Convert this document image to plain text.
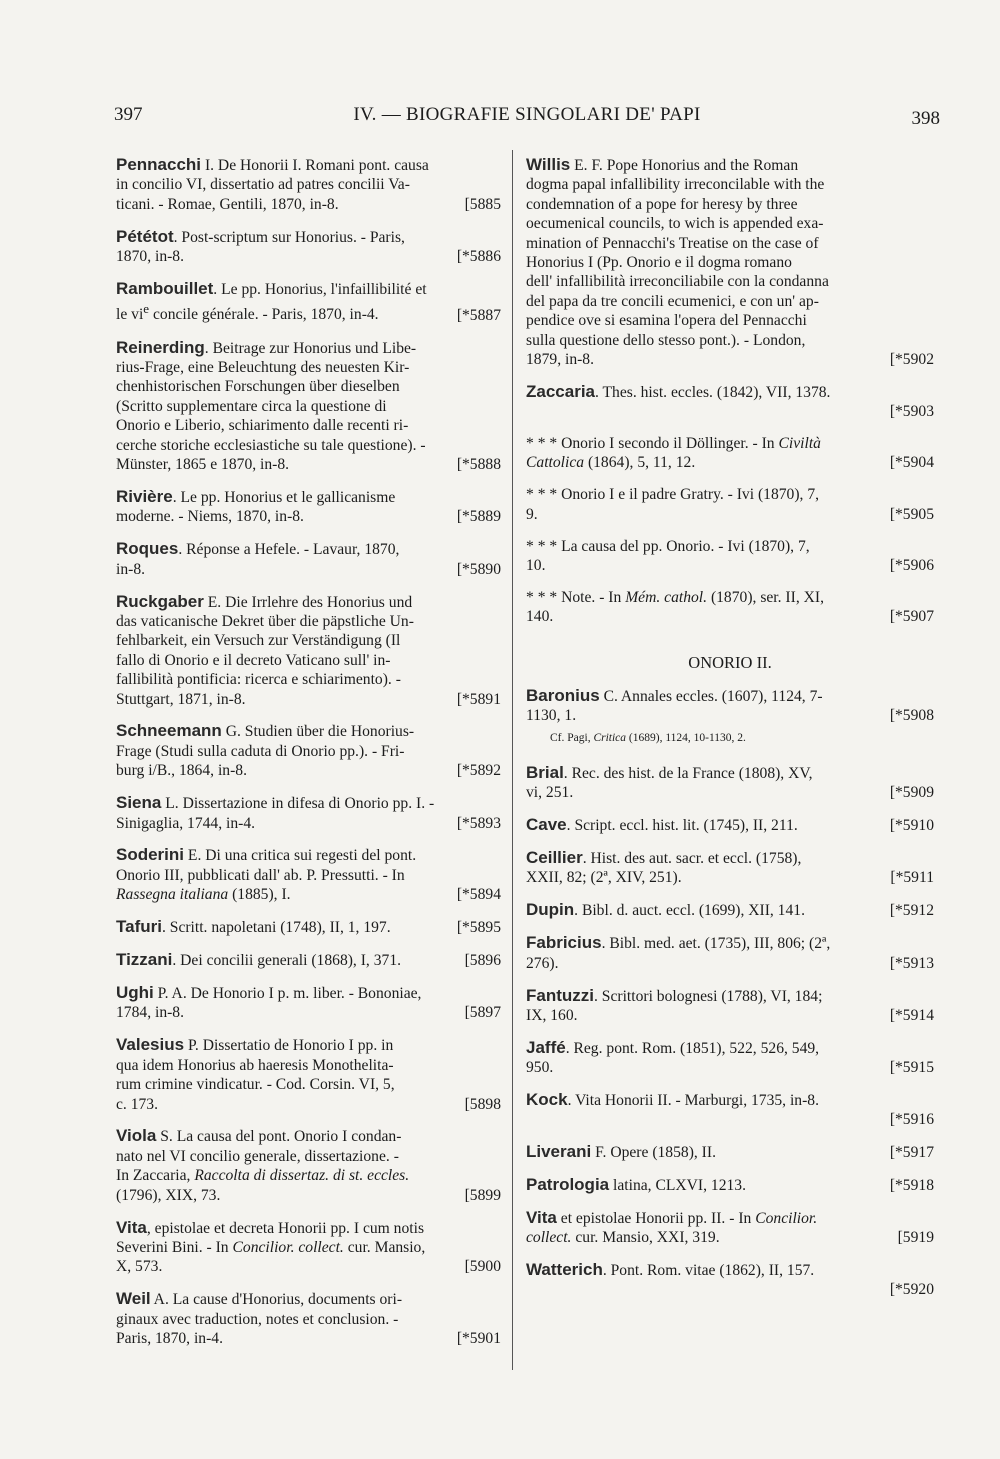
397	IV. — BIOGRAFIE SINGOLARI DE' PAPI	398
Pennacchi I. De Honorii I. Romani pont. causa
in concilio VI, dissertatio ad patres concilii Va-
ticani. - Romae, Gentili, 1870, in-8.	[5885
Pététot. Post-scriptum sur Honorius. - Paris,
1870, in-8.	[*5886
Rambouillet. Le pp. Honorius, l'infaillibilité et
le $vi^e$ concile générale. - Paris, 1870, in-4.	[*5887
Reinerding. Beitrage zur Honorius und Libe-
rius-Frage, eine Beleuchtung des neuesten Kir-
chenhistorischen Forschungen über dieselben
(Scritto supplementare circa la questione di
Onorio e Liberio, schiarimento dalle recenti ri-
cerche storiche ecclesiastiche su tale questione). -
Münster, 1865 e 1870, in-8.	[*5888
Rivière. Le pp. Honorius et le gallicanisme
moderne. - Niems, 1870, in-8.	[*5889
Roques. Réponse a Hefele. - Lavaur, 1870,
in-8.	[*5890
Ruckgaber E. Die Irrlehre des Honorius und
das vaticanische Dekret über die päpstliche Un-
fehlbarkeit, ein Versuch zur Verständigung (Il
fallo di Onorio e il decreto Vaticano sull' in-
fallibilità pontificia: ricerca e schiarimento). -
Stuttgart, 1871, in-8.	[*5891
Schneemann G. Studien über die Honorius-
Frage (Studi sulla caduta di Onorio pp.). - Fri-
burg i/B., 1864, in-8.	[*5892
Siena L. Dissertazione in difesa di Onorio pp. I. -
Sinigaglia, 1744, in-4.	[*5893
Soderini E. Di una critica sui regesti del pont.
Onorio III, pubblicati dall' ab. P. Pressutti. - In
Rassegna italiana (1885), I.	[*5894
Tafuri. Scritt. napoletani (1748), II, 1, 197.	[*5895
Tizzani. Dei concilii generali (1868), I, 371.	[5896
Ughi P. A. De Honorio I p. m. liber. - Bononiae,
1784, in-8.	[5897
Valesius P. Dissertatio de Honorio I pp. in
qua idem Honorius ab haeresis Monothelita-
rum crimine vindicatur. - Cod. Corsin. VI, 5,
c. 173.	[5898
Viola S. La causa del pont. Onorio I condan-
nato nel VI concilio generale, dissertazione. -
In Zaccaria, Raccolta di dissertaz. di st. eccles.
(1796), XIX, 73.	[5899
Vita, epistolae et decreta Honorii pp. I cum notis
Severini Bini. - In Concilior. collect. cur. Mansio,
X, 573.	[5900
Weil A. La cause d'Honorius, documents ori-
ginaux avec traduction, notes et conclusion. -
Paris, 1870, in-4.	[*5901
Willis E. F. Pope Honorius and the Roman
dogma papal infallibility irreconcilable with the
condemnation of a pope for heresy by three
oecumenical councils, to wich is appended exa-
mination of Pennacchi's Treatise on the case of
Honorius I (Pp. Onorio e il dogma romano
dell' infallibilità irreconciliabile con la condanna
del papa da tre concili ecumenici, e con un' ap-
pendice ove si esamina l'opera del Pennacchi
sulla questione dello stesso pont.). - London,
1879, in-8.	[*5902
Zaccaria. Thes. hist. eccles. (1842), VII, 1378.
[*5903
* * * Onorio I secondo il Döllinger. - In Civiltà
Cattolica (1864), 5, 11, 12.	[*5904
* * * Onorio I e il padre Gratry. - Ivi (1870), 7,
9.	[*5905
* * * La causa del pp. Onorio. - Ivi (1870), 7,
10.	[*5906
* * * Note. - In Mém. cathol. (1870), ser. II, XI,
140.	[*5907
ONORIO II.
Baronius C. Annales eccles. (1607), 1124, 7-
1130, 1.	[*5908
Cf. Pagi, Critica (1689), 1124, 10-1130, 2.
Brial. Rec. des hist. de la France (1808), XV,
vi, 251.	[*5909
Cave. Script. eccl. hist. lit. (1745), II, 211.	[*5910
Ceillier. Hist. des aut. sacr. et eccl. (1758),
XXII, 82; (2ª, XIV, 251).	[*5911
Dupin. Bibl. d. auct. eccl. (1699), XII, 141.	[*5912
Fabricius. Bibl. med. aet. (1735), III, 806; (2ª,
276).	[*5913
Fantuzzi. Scrittori bolognesi (1788), VI, 184;
IX, 160.	[*5914
Jaffé. Reg. pont. Rom. (1851), 522, 526, 549,
950.	[*5915
Kock. Vita Honorii II. - Marburgi, 1735, in-8.
[*5916
Liverani F. Opere (1858), II.	[*5917
Patrologia latina, CLXVI, 1213.	[*5918
Vita et epistolae Honorii pp. II. - In Concilior.
collect. cur. Mansio, XXI, 319.	[5919
Watterich. Pont. Rom. vitae (1862), II, 157.
[*5920
